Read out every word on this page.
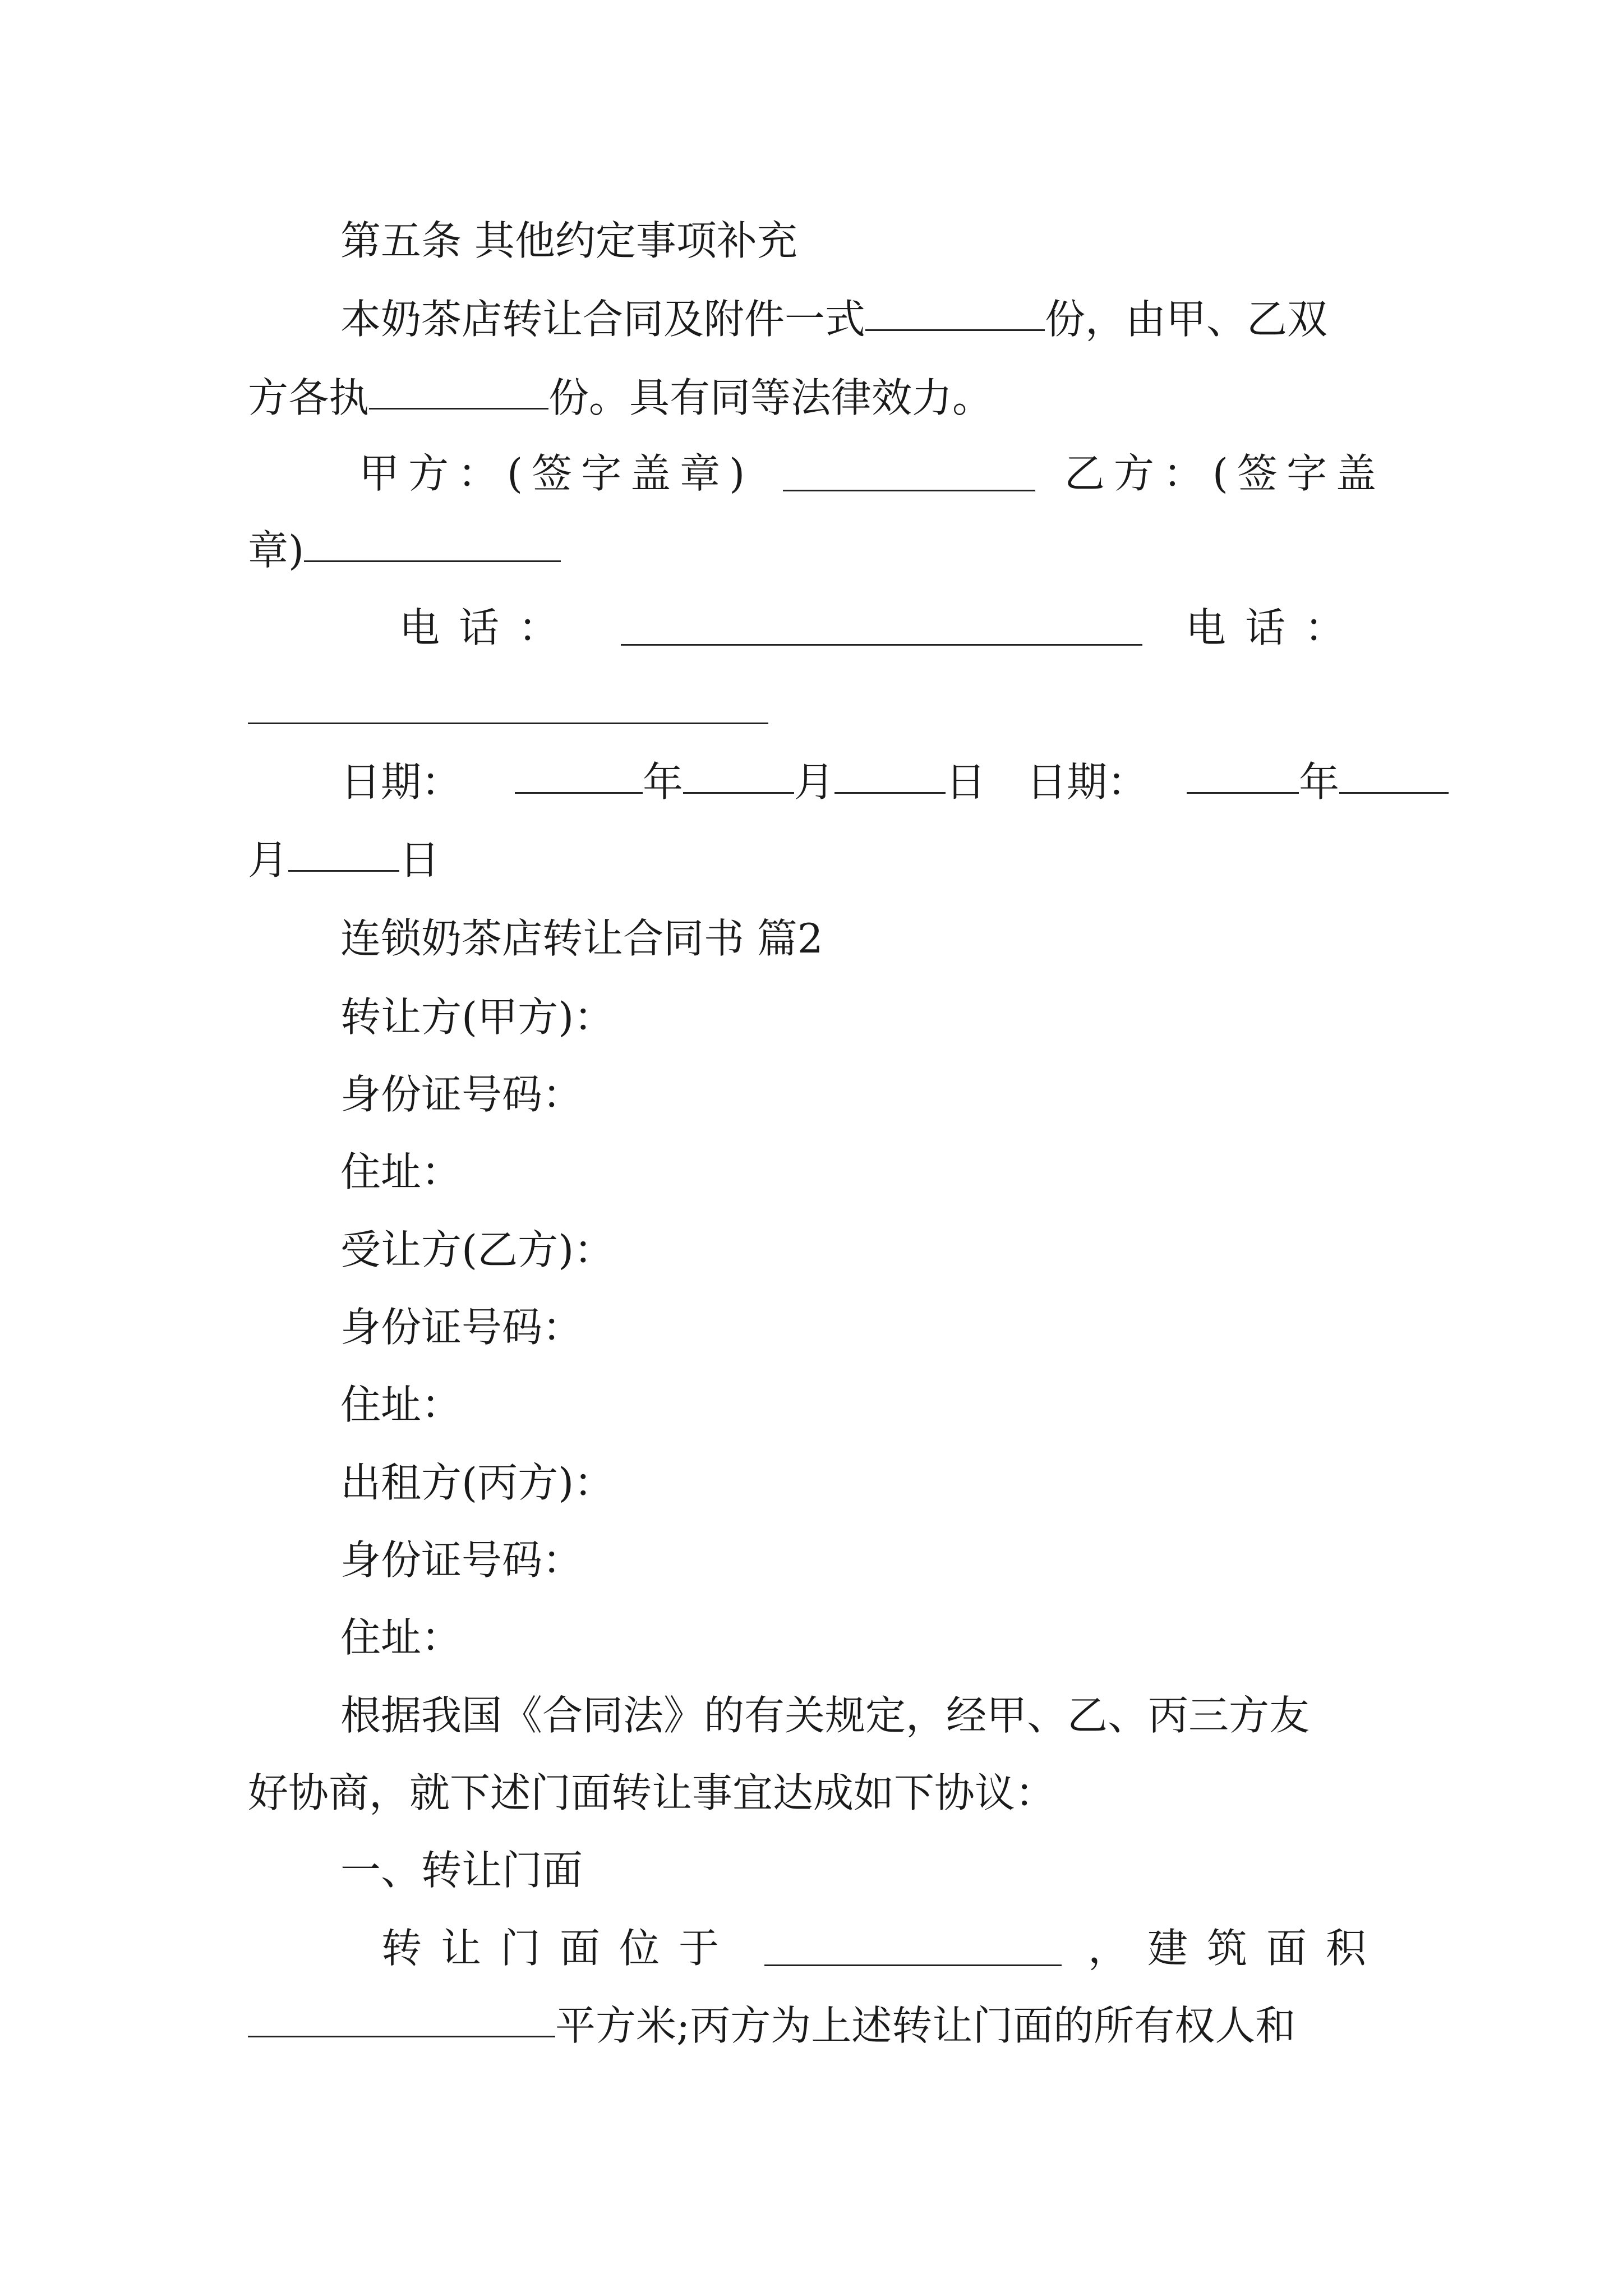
第五条 其他约定事项补充
本奶茶店转让合同及附件一式	份，由甲、乙双
方各执	份。具有同等法律效力。
甲方：(签字盖章)	乙方：(签字盖
章)
电话：	电话：
日期：	年	月	日 日期：	年
月	日
连锁奶茶店转让合同书 篇2
转让方(甲方)：
身份证号码：
住址：
受让方(乙方)：
身份证号码：
住址：
出租方(丙方)：
身份证号码：
住址：
根据我国《合同法》的有关规定，经甲、乙、丙三方友
好协商，就下述门面转让事宜达成如下协议：
一、转让门面
转让门面位于	，建筑面积
平方米;丙方为上述转让门面的所有权人和
